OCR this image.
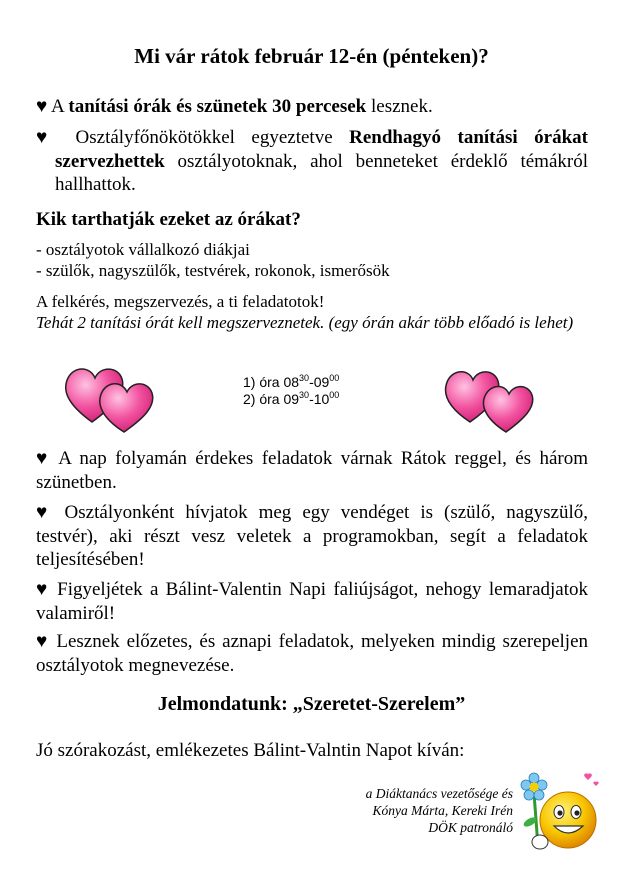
Mi vár rátok február 12-én (pénteken)?
♥ A tanítási órák és szünetek 30 percesek lesznek.
♥ Osztályfőnökötökkel egyeztetve Rendhagyó tanítási órákat szervezhettek osztályotoknak, ahol benneteket érdeklő témákról hallhattok.
Kik tarthatják ezeket az órákat?
- osztályotok vállalkozó diákjai
- szülők, nagyszülők, testvérek, rokonok, ismerősök
A felkérés, megszervezés, a ti feladatotok!
Tehát 2 tanítási órát kell megszerveznetek. (egy órán akár több előadó is lehet)
1) óra $08^{30}-09^{00}$
2) óra $09^{30}-10^{00}$
♥ A nap folyamán érdekes feladatok várnak Rátok reggel, és három szünetben.
♥ Osztályonként hívjatok meg egy vendéget is (szülő, nagyszülő, testvér), aki részt vesz veletek a programokban, segít a feladatok teljesítésében!
♥ Figyeljétek a Bálint-Valentin Napi faliújságot, nehogy lemaradjatok valamiről!
♥ Lesznek előzetes, és aznapi feladatok, melyeken mindig szerepeljen osztályotok megnevezése.
Jelmondatunk: „Szeretet-Szerelem”
Jó szórakozást, emlékezetes Bálint-Valntin Napot kíván:
a Diáktanács vezetősége és
Kónya Márta, Kereki Irén
DÖK patronáló
